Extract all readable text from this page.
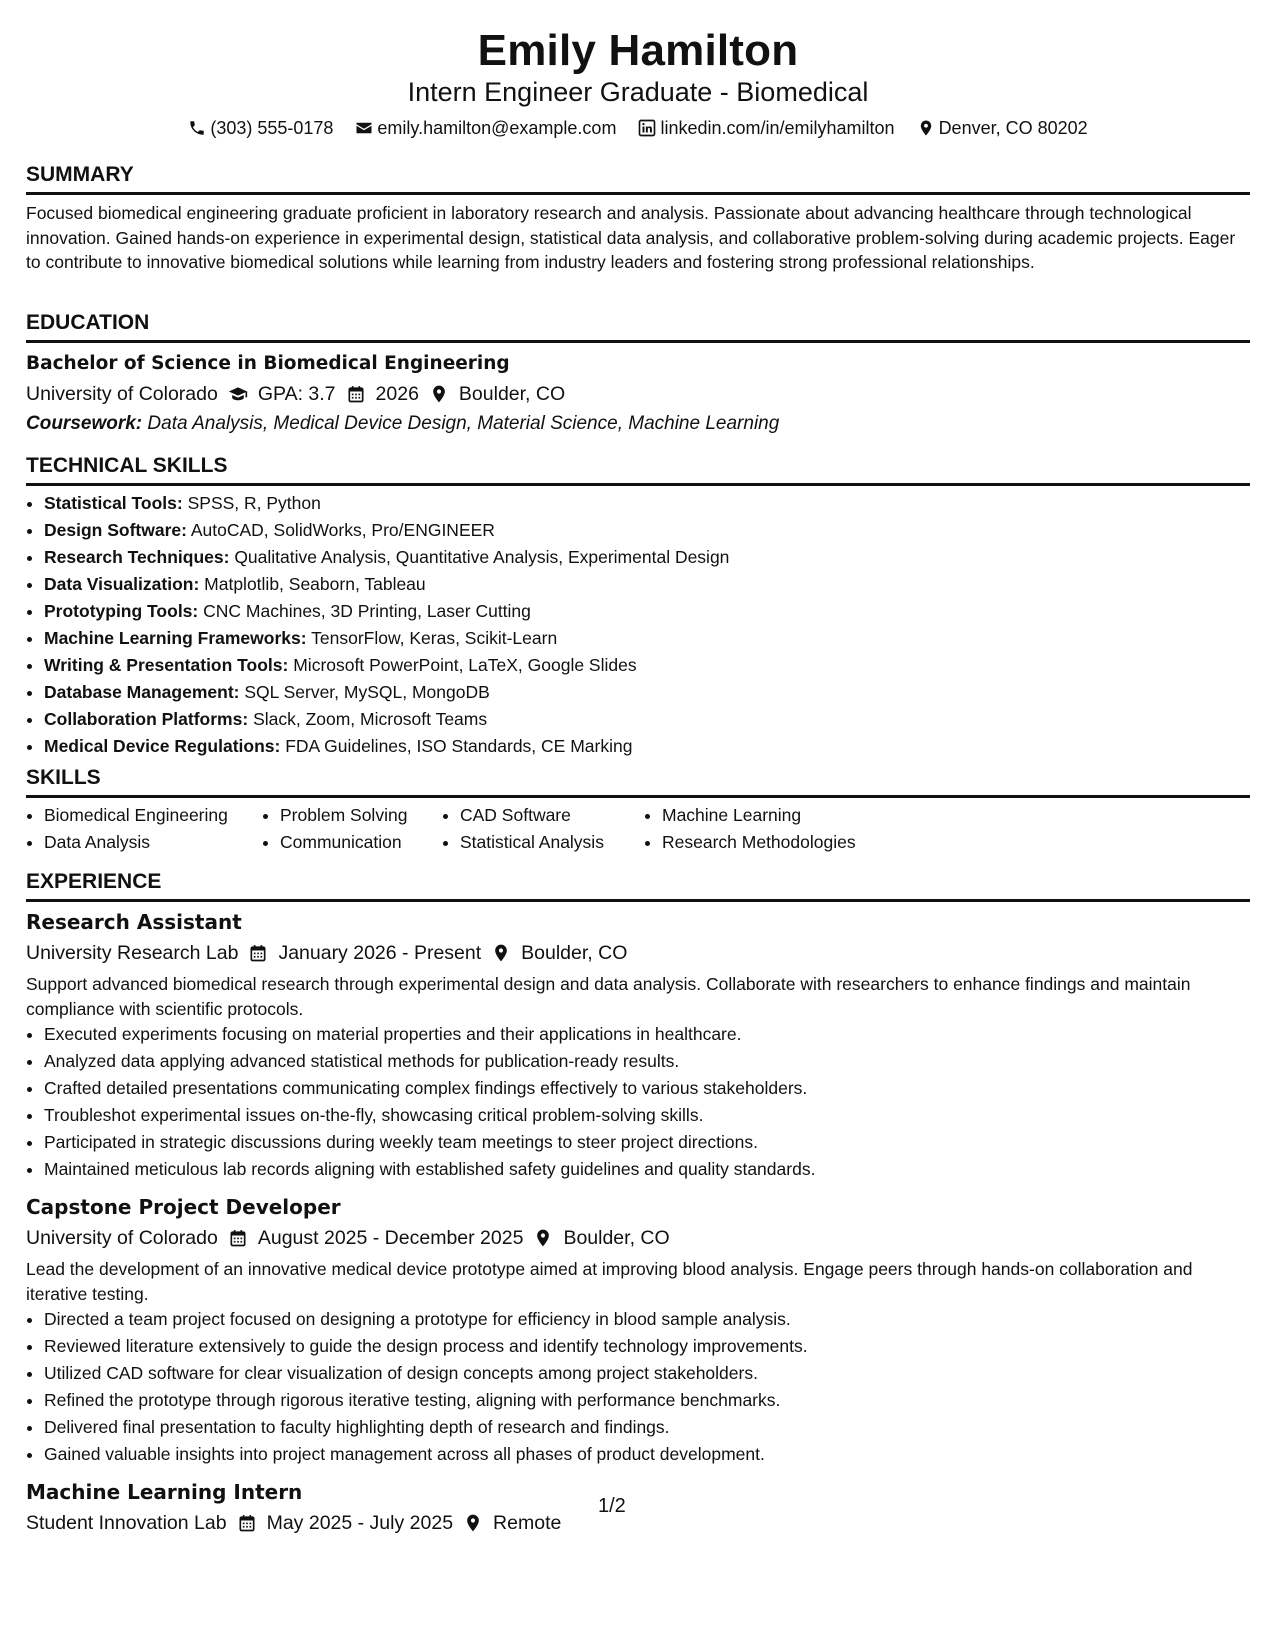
Emily Hamilton
Intern Engineer Graduate - Biomedical
(303) 555-0178 emily.hamilton@example.com linkedin.com/in/emilyhamilton Denver, CO 80202
SUMMARY

Focused biomedical engineering graduate proficient in laboratory research and analysis. Passionate about advancing healthcare through technological innovation. Gained hands-on experience in experimental design, statistical data analysis, and collaborative problem-solving during academic projects. Eager to contribute to innovative biomedical solutions while learning from industry leaders and fostering strong professional relationships.

EDUCATION
Bachelor of Science in Biomedical Engineering
University of Colorado GPA: 3.7 2026 Boulder, CO
Coursework: Data Analysis, Medical Device Design, Material Science, Machine Learning
TECHNICAL SKILLS
• Statistical Tools: SPSS, R, Python
• Design Software: AutoCAD, SolidWorks, Pro/ENGINEER
• Research Techniques: Qualitative Analysis, Quantitative Analysis, Experimental Design
• Data Visualization: Matplotlib, Seaborn, Tableau
• Prototyping Tools: CNC Machines, 3D Printing, Laser Cutting
• Machine Learning Frameworks: TensorFlow, Keras, Scikit-Learn
• Writing & Presentation Tools: Microsoft PowerPoint, LaTeX, Google Slides
• Database Management: SQL Server, MySQL, MongoDB
• Collaboration Platforms: Slack, Zoom, Microsoft Teams
• Medical Device Regulations: FDA Guidelines, ISO Standards, CE Marking
SKILLS
• Biomedical Engineering
• Data Analysis
• Problem Solving
• Communication
• CAD Software
• Statistical Analysis
• Machine Learning
• Research Methodologies
EXPERIENCE
Research Assistant
University Research Lab January 2026 - Present Boulder, CO

Support advanced biomedical research through experimental design and data analysis. Collaborate with researchers to enhance findings and maintain compliance with scientific protocols.

• Executed experiments focusing on material properties and their applications in healthcare.
• Analyzed data applying advanced statistical methods for publication-ready results.
• Crafted detailed presentations communicating complex findings effectively to various stakeholders.
• Troubleshot experimental issues on-the-fly, showcasing critical problem-solving skills.
• Participated in strategic discussions during weekly team meetings to steer project directions.
• Maintained meticulous lab records aligning with established safety guidelines and quality standards.
Capstone Project Developer
University of Colorado August 2025 - December 2025 Boulder, CO

Lead the development of an innovative medical device prototype aimed at improving blood analysis. Engage peers through hands-on collaboration and iterative testing.

• Directed a team project focused on designing a prototype for efficiency in blood sample analysis.
• Reviewed literature extensively to guide the design process and identify technology improvements.
• Utilized CAD software for clear visualization of design concepts among project stakeholders.
• Refined the prototype through rigorous iterative testing, aligning with performance benchmarks.
• Delivered final presentation to faculty highlighting depth of research and findings.
• Gained valuable insights into project management across all phases of product development.
Machine Learning Intern
Student Innovation Lab May 2025 - July 2025 Remote
1/2
